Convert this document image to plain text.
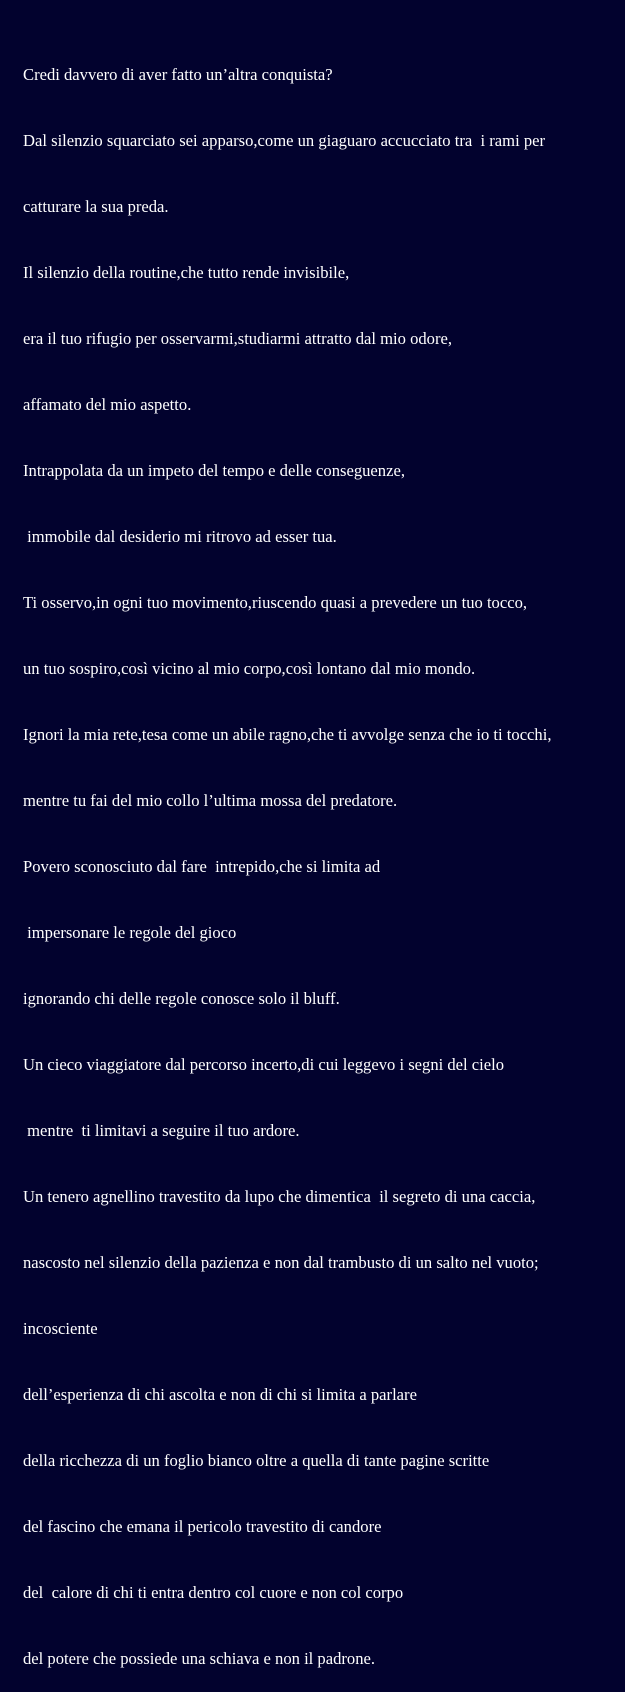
Credi davvero di aver fatto un’altra conquista?

Dal silenzio squarciato sei apparso,come un giaguaro accucciato tra  i rami per

catturare la sua preda.

Il silenzio della routine,che tutto rende invisibile,

era il tuo rifugio per osservarmi,studiarmi attratto dal mio odore,

affamato del mio aspetto.

Intrappolata da un impeto del tempo e delle conseguenze,

immobile dal desiderio mi ritrovo ad esser tua.

Ti osservo,in ogni tuo movimento,riuscendo quasi a prevedere un tuo tocco,

un tuo sospiro,così vicino al mio corpo,così lontano dal mio mondo.

Ignori la mia rete,tesa come un abile ragno,che ti avvolge senza che io ti tocchi,

mentre tu fai del mio collo l’ultima mossa del predatore.

Povero sconosciuto dal fare  intrepido,che si limita ad

impersonare le regole del gioco

ignorando chi delle regole conosce solo il bluff.

Un cieco viaggiatore dal percorso incerto,di cui leggevo i segni del cielo

mentre  ti limitavi a seguire il tuo ardore.

Un tenero agnellino travestito da lupo che dimentica  il segreto di una caccia,

nascosto nel silenzio della pazienza e non dal trambusto di un salto nel vuoto;

incosciente

dell’esperienza di chi ascolta e non di chi si limita a parlare

della ricchezza di un foglio bianco oltre a quella di tante pagine scritte

del fascino che emana il pericolo travestito di candore

del  calore di chi ti entra dentro col cuore e non col corpo

del potere che possiede una schiava e non il padrone.
